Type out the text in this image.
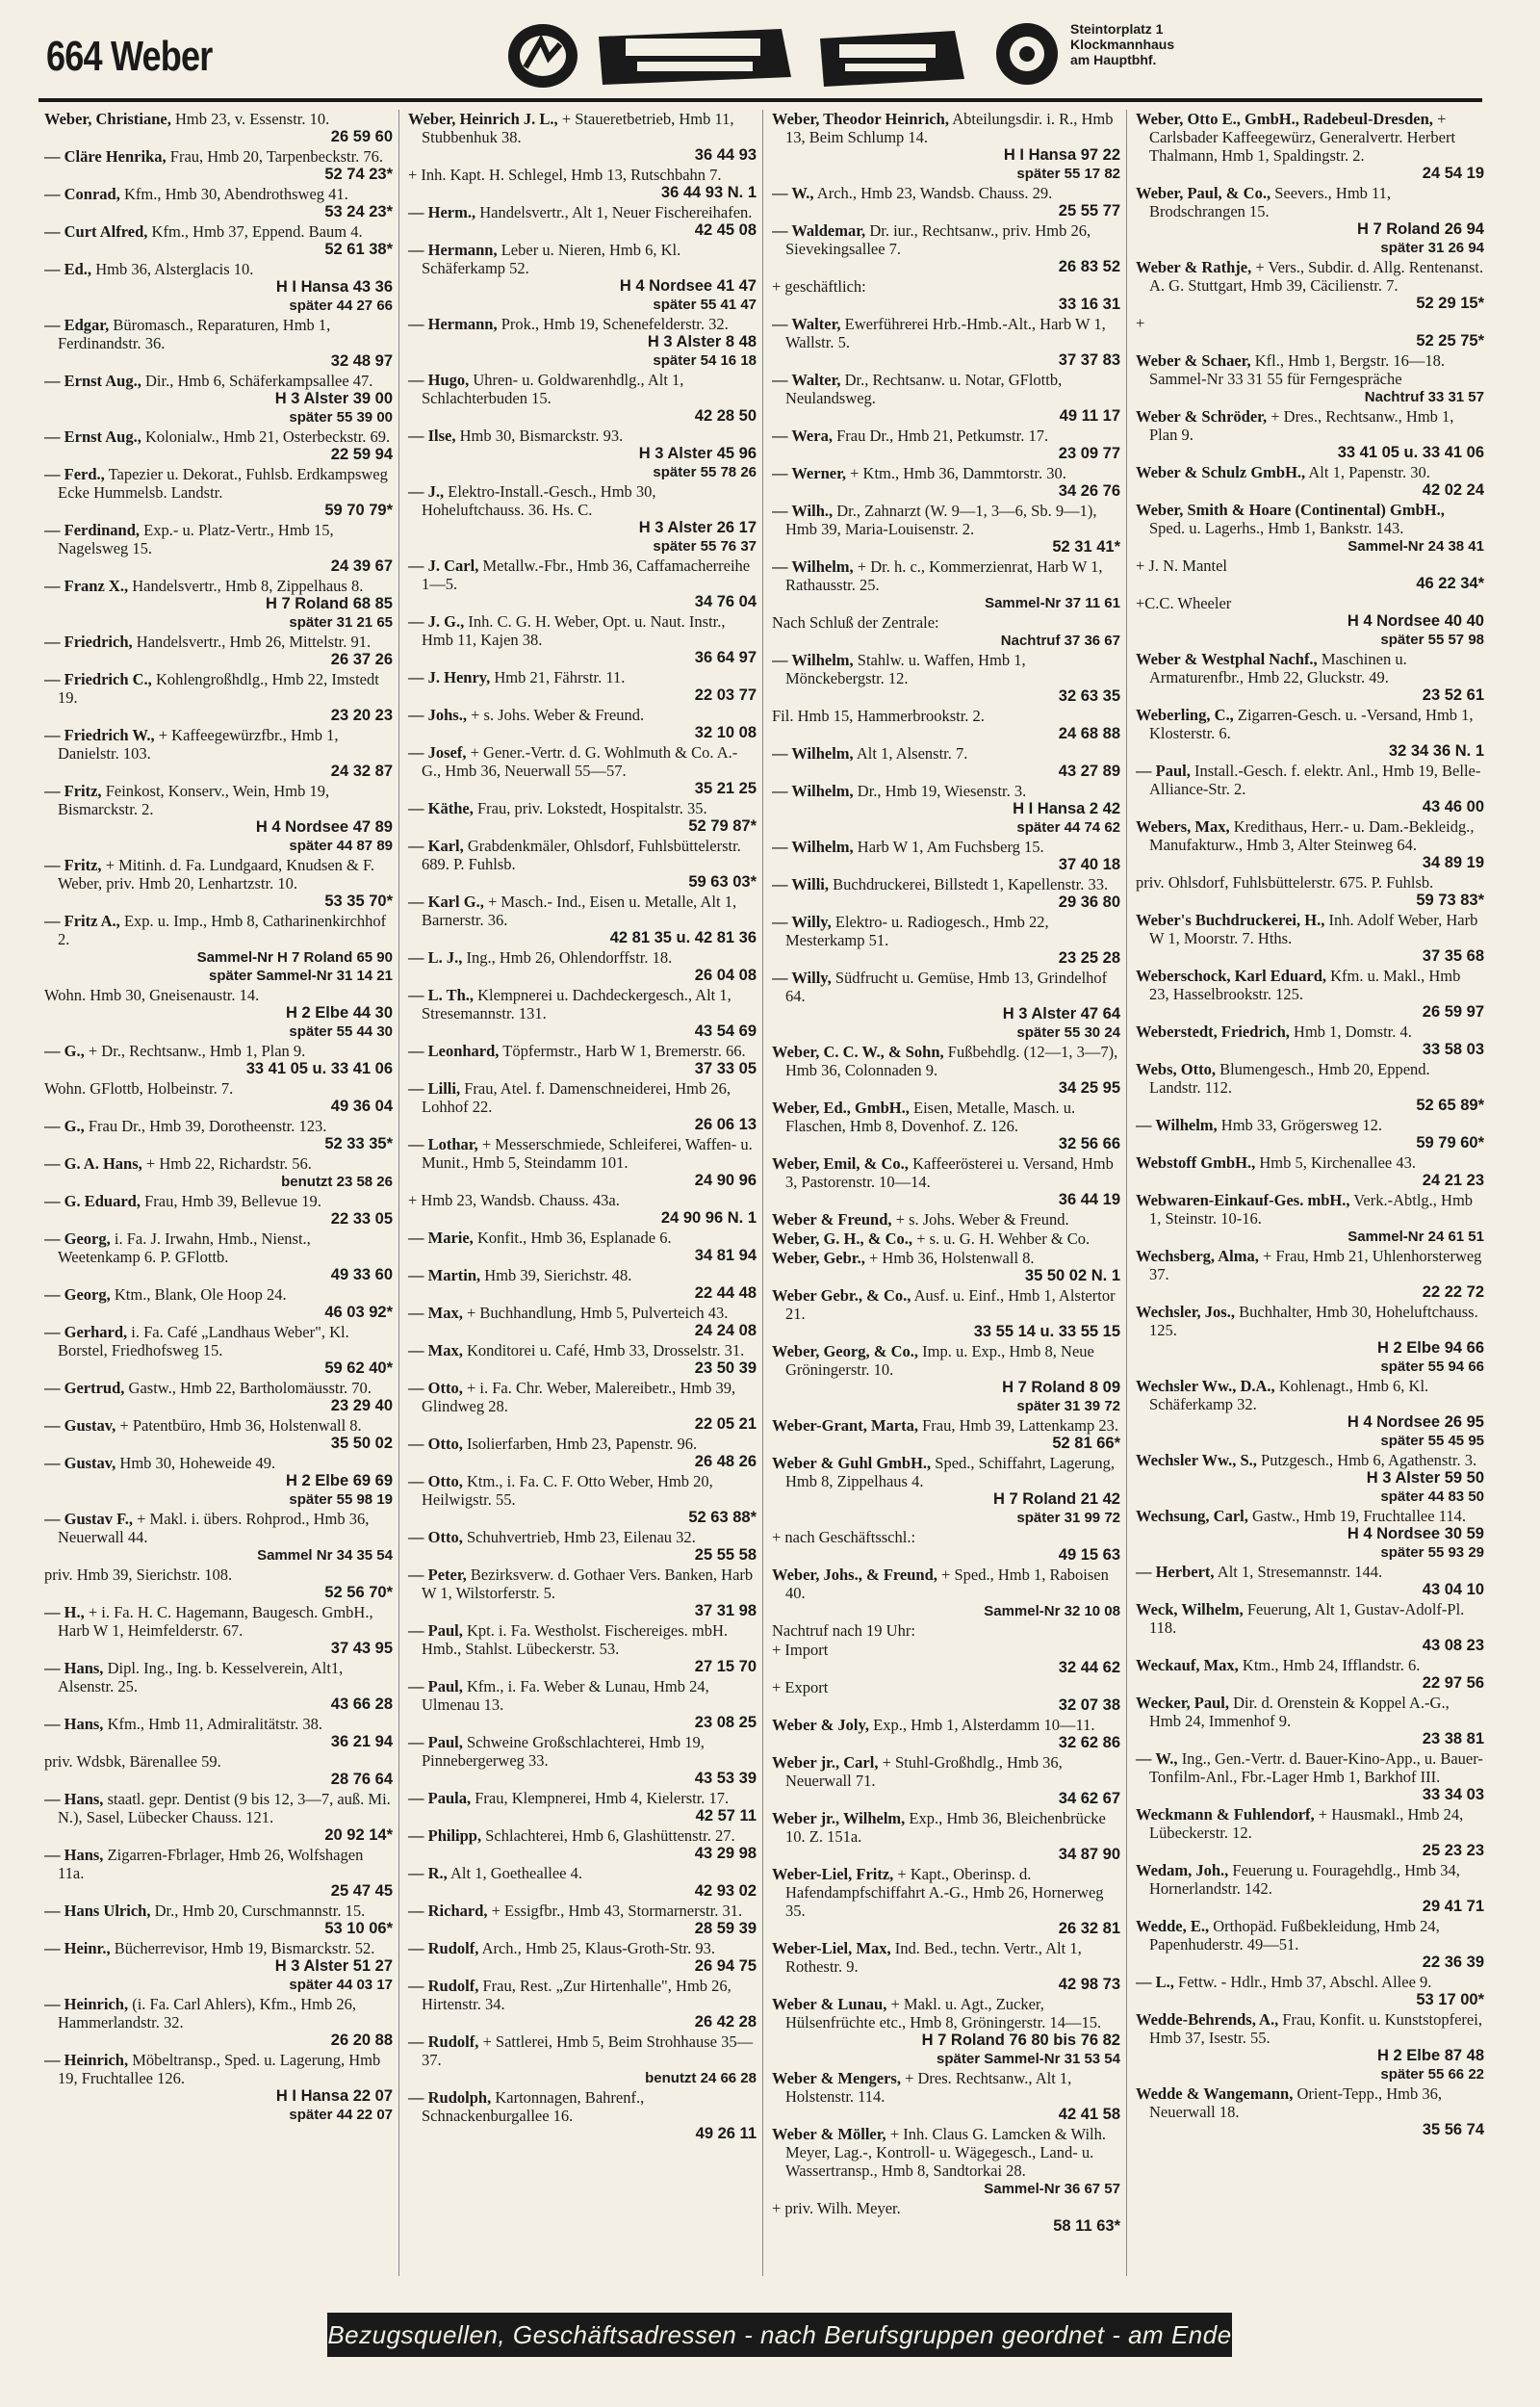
664 Weber
Steintorplatz 1
Klockmannhaus
am Hauptbhf.
Weber, Christiane, Hmb 23, v. Essenstr. 10.
26 59 60
— Cläre Henrika, Frau, Hmb 20, Tarpenbeckstr. 76.
52 74 23*
— Conrad, Kfm., Hmb 30, Abendrothsweg 41.
53 24 23*
— Curt Alfred, Kfm., Hmb 37, Eppend. Baum 4.
52 61 38*
— Ed., Hmb 36, Alsterglacis 10.
H I Hansa 43 36
später 44 27 66
— Edgar, Büromasch., Reparaturen, Hmb 1, Ferdinandstr. 36.
32 48 97
— Ernst Aug., Dir., Hmb 6, Schäferkampsallee 47.
H 3 Alster 39 00
später 55 39 00
— Ernst Aug., Kolonialw., Hmb 21, Osterbeckstr. 69.
22 59 94
— Ferd., Tapezier u. Dekorat., Fuhlsb. Erdkampsweg Ecke Hummelsb. Landstr.
59 70 79*
— Ferdinand, Exp.- u. Platz-Vertr., Hmb 15, Nagelsweg 15.
24 39 67
— Franz X., Handelsvertr., Hmb 8, Zippelhaus 8.
H 7 Roland 68 85
später 31 21 65
— Friedrich, Handelsvertr., Hmb 26, Mittelstr. 91.
26 37 26
— Friedrich C., Kohlengroßhdlg., Hmb 22, Imstedt 19.
23 20 23
— Friedrich W., + Kaffeegewürzfbr., Hmb 1, Danielstr. 103.
24 32 87
— Fritz, Feinkost, Konserv., Wein, Hmb 19, Bismarckstr. 2.
H 4 Nordsee 47 89
später 44 87 89
— Fritz, + Mitinh. d. Fa. Lundgaard, Knudsen & F. Weber, priv. Hmb 20, Lenhartzstr. 10.
53 35 70*
— Fritz A., Exp. u. Imp., Hmb 8, Catharinenkirchhof 2.
Sammel-Nr H 7 Roland 65 90
später Sammel-Nr 31 14 21
Wohn. Hmb 30, Gneisenaustr. 14.
H 2 Elbe 44 30
später 55 44 30
— G., + Dr., Rechtsanw., Hmb 1, Plan 9.
33 41 05 u. 33 41 06
Wohn. GFlottb, Holbeinstr. 7.
49 36 04
— G., Frau Dr., Hmb 39, Dorotheenstr. 123.
52 33 35*
— G. A. Hans, + Hmb 22, Richardstr. 56.
benutzt 23 58 26
— G. Eduard, Frau, Hmb 39, Bellevue 19.
22 33 05
— Georg, i. Fa. J. Irwahn, Hmb., Nienst., Weetenkamp 6. P. GFlottb.
49 33 60
— Georg, Ktm., Blank, Ole Hoop 24.
46 03 92*
— Gerhard, i. Fa. Café „Landhaus Weber", Kl. Borstel, Friedhofsweg 15.
59 62 40*
— Gertrud, Gastw., Hmb 22, Bartholomäusstr. 70.
23 29 40
— Gustav, + Patentbüro, Hmb 36, Holstenwall 8.
35 50 02
— Gustav, Hmb 30, Hoheweide 49.
H 2 Elbe 69 69
später 55 98 19
— Gustav F., + Makl. i. übers. Rohprod., Hmb 36, Neuerwall 44.
Sammel Nr 34 35 54
priv. Hmb 39, Sierichstr. 108.
52 56 70*
— H., + i. Fa. H. C. Hagemann, Baugesch. GmbH., Harb W 1, Heimfelderstr. 67.
37 43 95
— Hans, Dipl. Ing., Ing. b. Kesselverein, Alt1, Alsenstr. 25.
43 66 28
— Hans, Kfm., Hmb 11, Admiralitätstr. 38.
36 21 94
priv. Wdsbk, Bärenallee 59.
28 76 64
— Hans, staatl. gepr. Dentist (9 bis 12, 3—7, auß. Mi. N.), Sasel, Lübecker Chauss. 121.
20 92 14*
— Hans, Zigarren-Fbrlager, Hmb 26, Wolfshagen 11a.
25 47 45
— Hans Ulrich, Dr., Hmb 20, Curschmannstr. 15.
53 10 06*
— Heinr., Bücherrevisor, Hmb 19, Bismarckstr. 52.
H 3 Alster 51 27
später 44 03 17
— Heinrich, (i. Fa. Carl Ahlers), Kfm., Hmb 26, Hammerlandstr. 32.
26 20 88
— Heinrich, Möbeltransp., Sped. u. Lagerung, Hmb 19, Fruchtallee 126.
H I Hansa 22 07
später 44 22 07
Weber, Heinrich J. L., + Staueretbetrieb, Hmb 11, Stubbenhuk 38.
36 44 93
+ Inh. Kapt. H. Schlegel, Hmb 13, Rutschbahn 7.
36 44 93 N. 1
— Herm., Handelsvertr., Alt 1, Neuer Fischereihafen.
42 45 08
— Hermann, Leber u. Nieren, Hmb 6, Kl. Schäferkamp 52.
H 4 Nordsee 41 47
später 55 41 47
— Hermann, Prok., Hmb 19, Schenefelderstr. 32.
H 3 Alster 8 48
später 54 16 18
— Hugo, Uhren- u. Goldwarenhdlg., Alt 1, Schlachterbuden 15.
42 28 50
— Ilse, Hmb 30, Bismarckstr. 93.
H 3 Alster 45 96
später 55 78 26
— J., Elektro-Install.-Gesch., Hmb 30, Hoheluftchauss. 36. Hs. C.
H 3 Alster 26 17
später 55 76 37
— J. Carl, Metallw.-Fbr., Hmb 36, Caffamacherreihe 1—5.
34 76 04
— J. G., Inh. C. G. H. Weber, Opt. u. Naut. Instr., Hmb 11, Kajen 38.
36 64 97
— J. Henry, Hmb 21, Fährstr. 11.
22 03 77
— Johs., + s. Johs. Weber & Freund.
32 10 08
— Josef, + Gener.-Vertr. d. G. Wohlmuth & Co. A.-G., Hmb 36, Neuerwall 55—57.
35 21 25
— Käthe, Frau, priv. Lokstedt, Hospitalstr. 35.
52 79 87*
— Karl, Grabdenkmäler, Ohlsdorf, Fuhlsbüttelerstr. 689. P. Fuhlsb.
59 63 03*
— Karl G., + Masch.- Ind., Eisen u. Metalle, Alt 1, Barnerstr. 36.
42 81 35 u. 42 81 36
— L. J., Ing., Hmb 26, Ohlendorffstr. 18.
26 04 08
— L. Th., Klempnerei u. Dachdeckergesch., Alt 1, Stresemannstr. 131.
43 54 69
— Leonhard, Töpfermstr., Harb W 1, Bremerstr. 66.
37 33 05
— Lilli, Frau, Atel. f. Damenschneiderei, Hmb 26, Lohhof 22.
26 06 13
— Lothar, + Messerschmiede, Schleiferei, Waffen- u. Munit., Hmb 5, Steindamm 101.
24 90 96
+ Hmb 23, Wandsb. Chauss. 43a.
24 90 96 N. 1
— Marie, Konfit., Hmb 36, Esplanade 6.
34 81 94
— Martin, Hmb 39, Sierichstr. 48.
22 44 48
— Max, + Buchhandlung, Hmb 5, Pulverteich 43.
24 24 08
— Max, Konditorei u. Café, Hmb 33, Drosselstr. 31.
23 50 39
— Otto, + i. Fa. Chr. Weber, Malereibetr., Hmb 39, Glindweg 28.
22 05 21
— Otto, Isolierfarben, Hmb 23, Papenstr. 96.
26 48 26
— Otto, Ktm., i. Fa. C. F. Otto Weber, Hmb 20, Heilwigstr. 55.
52 63 88*
— Otto, Schuhvertrieb, Hmb 23, Eilenau 32.
25 55 58
— Peter, Bezirksverw. d. Gothaer Vers. Banken, Harb W 1, Wilstorferstr. 5.
37 31 98
— Paul, Kpt. i. Fa. Westholst. Fischereiges. mbH. Hmb., Stahlst. Lübeckerstr. 53.
27 15 70
— Paul, Kfm., i. Fa. Weber & Lunau, Hmb 24, Ulmenau 13.
23 08 25
— Paul, Schweine Großschlachterei, Hmb 19, Pinnebergerweg 33.
43 53 39
— Paula, Frau, Klempnerei, Hmb 4, Kielerstr. 17.
42 57 11
— Philipp, Schlachterei, Hmb 6, Glashüttenstr. 27.
43 29 98
— R., Alt 1, Goetheallee 4.
42 93 02
— Richard, + Essigfbr., Hmb 43, Stormarnerstr. 31.
28 59 39
— Rudolf, Arch., Hmb 25, Klaus-Groth-Str. 93.
26 94 75
— Rudolf, Frau, Rest. „Zur Hirtenhalle", Hmb 26, Hirtenstr. 34.
26 42 28
— Rudolf, + Sattlerei, Hmb 5, Beim Strohhause 35—37.
benutzt 24 66 28
— Rudolph, Kartonnagen, Bahrenf., Schnackenburgallee 16.
49 26 11
Weber, Theodor Heinrich, Abteilungsdir. i. R., Hmb 13, Beim Schlump 14.
H I Hansa 97 22
später 55 17 82
— W., Arch., Hmb 23, Wandsb. Chauss. 29.
25 55 77
— Waldemar, Dr. iur., Rechtsanw., priv. Hmb 26, Sievekingsallee 7.
26 83 52
+ geschäftlich:
33 16 31
— Walter, Ewerführerei Hrb.-Hmb.-Alt., Harb W 1, Wallstr. 5.
37 37 83
— Walter, Dr., Rechtsanw. u. Notar, GFlottb, Neulandsweg.
49 11 17
— Wera, Frau Dr., Hmb 21, Petkumstr. 17.
23 09 77
— Werner, + Ktm., Hmb 36, Dammtorstr. 30.
34 26 76
— Wilh., Dr., Zahnarzt (W. 9—1, 3—6, Sb. 9—1), Hmb 39, Maria-Louisenstr. 2.
52 31 41*
— Wilhelm, + Dr. h. c., Kommerzienrat, Harb W 1, Rathausstr. 25.
Sammel-Nr 37 11 61
Nach Schluß der Zentrale:
Nachtruf 37 36 67
— Wilhelm, Stahlw. u. Waffen, Hmb 1, Mönckebergstr. 12.
32 63 35
Fil. Hmb 15, Hammerbrookstr. 2.
24 68 88
— Wilhelm, Alt 1, Alsenstr. 7.
43 27 89
— Wilhelm, Dr., Hmb 19, Wiesenstr. 3.
H I Hansa 2 42
später 44 74 62
— Wilhelm, Harb W 1, Am Fuchsberg 15.
37 40 18
— Willi, Buchdruckerei, Billstedt 1, Kapellenstr. 33.
29 36 80
— Willy, Elektro- u. Radiogesch., Hmb 22, Mesterkamp 51.
23 25 28
— Willy, Südfrucht u. Gemüse, Hmb 13, Grindelhof 64.
H 3 Alster 47 64
später 55 30 24
Weber, C. C. W., & Sohn, Fußbehdlg. (12—1, 3—7), Hmb 36, Colonnaden 9.
34 25 95
Weber, Ed., GmbH., Eisen, Metalle, Masch. u. Flaschen, Hmb 8, Dovenhof. Z. 126.
32 56 66
Weber, Emil, & Co., Kaffeerösterei u. Versand, Hmb 3, Pastorenstr. 10—14.
36 44 19
Weber & Freund, + s. Johs. Weber & Freund.
Weber, G. H., & Co., + s. u. G. H. Wehber & Co.
Weber, Gebr., + Hmb 36, Holstenwall 8.
35 50 02 N. 1
Weber Gebr., & Co., Ausf. u. Einf., Hmb 1, Alstertor 21.
33 55 14 u. 33 55 15
Weber, Georg, & Co., Imp. u. Exp., Hmb 8, Neue Gröningerstr. 10.
H 7 Roland 8 09
später 31 39 72
Weber-Grant, Marta, Frau, Hmb 39, Lattenkamp 23.
52 81 66*
Weber & Guhl GmbH., Sped., Schiffahrt, Lagerung, Hmb 8, Zippelhaus 4.
H 7 Roland 21 42
später 31 99 72
+ nach Geschäftsschl.:
49 15 63
Weber, Johs., & Freund, + Sped., Hmb 1, Raboisen 40.
Sammel-Nr 32 10 08
Nachtruf nach 19 Uhr:
+ Import
32 44 62
+ Export
32 07 38
Weber & Joly, Exp., Hmb 1, Alsterdamm 10—11.
32 62 86
Weber jr., Carl, + Stuhl-Großhdlg., Hmb 36, Neuerwall 71.
34 62 67
Weber jr., Wilhelm, Exp., Hmb 36, Bleichenbrücke 10. Z. 151a.
34 87 90
Weber-Liel, Fritz, + Kapt., Oberinsp. d. Hafendampfschiffahrt A.-G., Hmb 26, Hornerweg 35.
26 32 81
Weber-Liel, Max, Ind. Bed., techn. Vertr., Alt 1, Rothestr. 9.
42 98 73
Weber & Lunau, + Makl. u. Agt., Zucker, Hülsenfrüchte etc., Hmb 8, Gröningerstr. 14—15.
H 7 Roland 76 80 bis 76 82
später Sammel-Nr 31 53 54
Weber & Mengers, + Dres. Rechtsanw., Alt 1, Holstenstr. 114.
42 41 58
Weber & Möller, + Inh. Claus G. Lamcken & Wilh. Meyer, Lag.-, Kontroll- u. Wägegesch., Land- u. Wassertransp., Hmb 8, Sandtorkai 28.
Sammel-Nr 36 67 57
+ priv. Wilh. Meyer.
58 11 63*
Weber, Otto E., GmbH., Radebeul-Dresden, + Carlsbader Kaffeegewürz, Generalvertr. Herbert Thalmann, Hmb 1, Spaldingstr. 2.
24 54 19
Weber, Paul, & Co., Seevers., Hmb 11, Brodschrangen 15.
H 7 Roland 26 94
später 31 26 94
Weber & Rathje, + Vers., Subdir. d. Allg. Rentenanst. A. G. Stuttgart, Hmb 39, Cäcilienstr. 7.
52 29 15*
+
52 25 75*
Weber & Schaer, Kfl., Hmb 1, Bergstr. 16—18. Sammel-Nr 33 31 55 für Ferngespräche
Nachtruf 33 31 57
Weber & Schröder, + Dres., Rechtsanw., Hmb 1, Plan 9.
33 41 05 u. 33 41 06
Weber & Schulz GmbH., Alt 1, Papenstr. 30.
42 02 24
Weber, Smith & Hoare (Continental) GmbH., Sped. u. Lagerhs., Hmb 1, Bankstr. 143.
Sammel-Nr 24 38 41
+ J. N. Mantel
46 22 34*
+C.C. Wheeler
H 4 Nordsee 40 40
später 55 57 98
Weber & Westphal Nachf., Maschinen u. Armaturenfbr., Hmb 22, Gluckstr. 49.
23 52 61
Weberling, C., Zigarren-Gesch. u. -Versand, Hmb 1, Klosterstr. 6.
32 34 36 N. 1
— Paul, Install.-Gesch. f. elektr. Anl., Hmb 19, Belle-Alliance-Str. 2.
43 46 00
Webers, Max, Kredithaus, Herr.- u. Dam.-Bekleidg., Manufakturw., Hmb 3, Alter Steinweg 64.
34 89 19
priv. Ohlsdorf, Fuhlsbüttelerstr. 675. P. Fuhlsb.
59 73 83*
Weber's Buchdruckerei, H., Inh. Adolf Weber, Harb W 1, Moorstr. 7. Hths.
37 35 68
Weberschock, Karl Eduard, Kfm. u. Makl., Hmb 23, Hasselbrookstr. 125.
26 59 97
Weberstedt, Friedrich, Hmb 1, Domstr. 4.
33 58 03
Webs, Otto, Blumengesch., Hmb 20, Eppend. Landstr. 112.
52 65 89*
— Wilhelm, Hmb 33, Grögersweg 12.
59 79 60*
Webstoff GmbH., Hmb 5, Kirchenallee 43.
24 21 23
Webwaren-Einkauf-Ges. mbH., Verk.-Abtlg., Hmb 1, Steinstr. 10-16.
Sammel-Nr 24 61 51
Wechsberg, Alma, + Frau, Hmb 21, Uhlenhorsterweg 37.
22 22 72
Wechsler, Jos., Buchhalter, Hmb 30, Hoheluftchauss. 125.
H 2 Elbe 94 66
später 55 94 66
Wechsler Ww., D.A., Kohlenagt., Hmb 6, Kl. Schäferkamp 32.
H 4 Nordsee 26 95
später 55 45 95
Wechsler Ww., S., Putzgesch., Hmb 6, Agathenstr. 3.
H 3 Alster 59 50
später 44 83 50
Wechsung, Carl, Gastw., Hmb 19, Fruchtallee 114.
H 4 Nordsee 30 59
später 55 93 29
— Herbert, Alt 1, Stresemannstr. 144.
43 04 10
Weck, Wilhelm, Feuerung, Alt 1, Gustav-Adolf-Pl. 118.
43 08 23
Weckauf, Max, Ktm., Hmb 24, Ifflandstr. 6.
22 97 56
Wecker, Paul, Dir. d. Orenstein & Koppel A.-G., Hmb 24, Immenhof 9.
23 38 81
— W., Ing., Gen.-Vertr. d. Bauer-Kino-App., u. Bauer-Tonfilm-Anl., Fbr.-Lager Hmb 1, Barkhof III.
33 34 03
Weckmann & Fuhlendorf, + Hausmakl., Hmb 24, Lübeckerstr. 12.
25 23 23
Wedam, Joh., Feuerung u. Fouragehdlg., Hmb 34, Hornerlandstr. 142.
29 41 71
Wedde, E., Orthopäd. Fußbekleidung, Hmb 24, Papenhuderstr. 49—51.
22 36 39
— L., Fettw. - Hdlr., Hmb 37, Abschl. Allee 9.
53 17 00*
Wedde-Behrends, A., Frau, Konfit. u. Kunststopferei, Hmb 37, Isestr. 55.
H 2 Elbe 87 48
später 55 66 22
Wedde & Wangemann, Orient-Tepp., Hmb 36, Neuerwall 18.
35 56 74
Bezugsquellen, Geschäftsadressen - nach Berufsgruppen geordnet - am Ende des Buches
